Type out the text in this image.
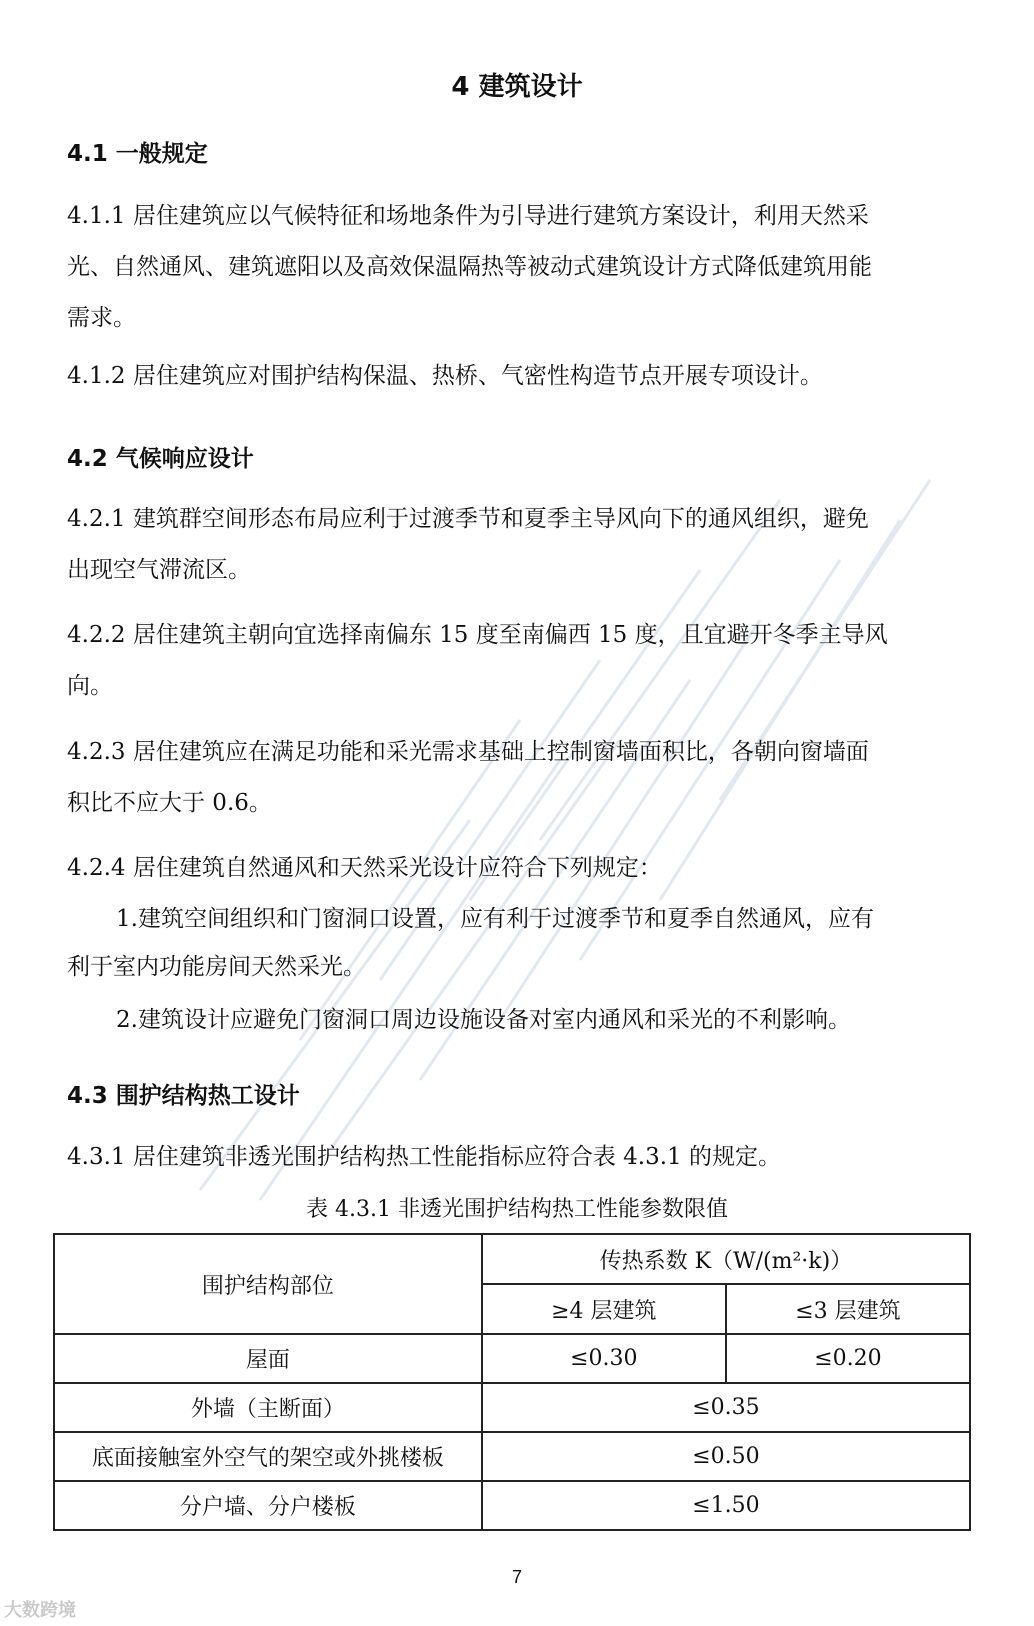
4 建筑设计
4.1 一般规定

4.1.1 居住建筑应以气候特征和场地条件为引导进行建筑方案设计，利用天然采
光、自然通风、建筑遮阳以及高效保温隔热等被动式建筑设计方式降低建筑用能
需求。

4.1.2 居住建筑应对围护结构保温、热桥、气密性构造节点开展专项设计。

4.2 气候响应设计

4.2.1 建筑群空间形态布局应利于过渡季节和夏季主导风向下的通风组织，避免
出现空气滞流区。

4.2.2 居住建筑主朝向宜选择南偏东 15 度至南偏西 15 度，且宜避开冬季主导风
向。

4.2.3 居住建筑应在满足功能和采光需求基础上控制窗墙面积比，各朝向窗墙面
积比不应大于 0.6。

4.2.4 居住建筑自然通风和天然采光设计应符合下列规定：

1.建筑空间组织和门窗洞口设置，应有利于过渡季节和夏季自然通风，应有
利于室内功能房间天然采光。

2.建筑设计应避免门窗洞口周边设施设备对室内通风和采光的不利影响。

4.3 围护结构热工设计

4.3.1 居住建筑非透光围护结构热工性能指标应符合表 4.3.1 的规定。

表 4.3.1 非透光围护结构热工性能参数限值
围护结构部位	传热系数 K（W/(m²·k)）	
	≥4 层建筑	≤3 层建筑
屋面	≤0.30	≤0.20
外墙（主断面）	≤0.35	
底面接触室外空气的架空或外挑楼板	≤0.50	
分户墙、分户楼板	≤1.50	
7
大数跨境
